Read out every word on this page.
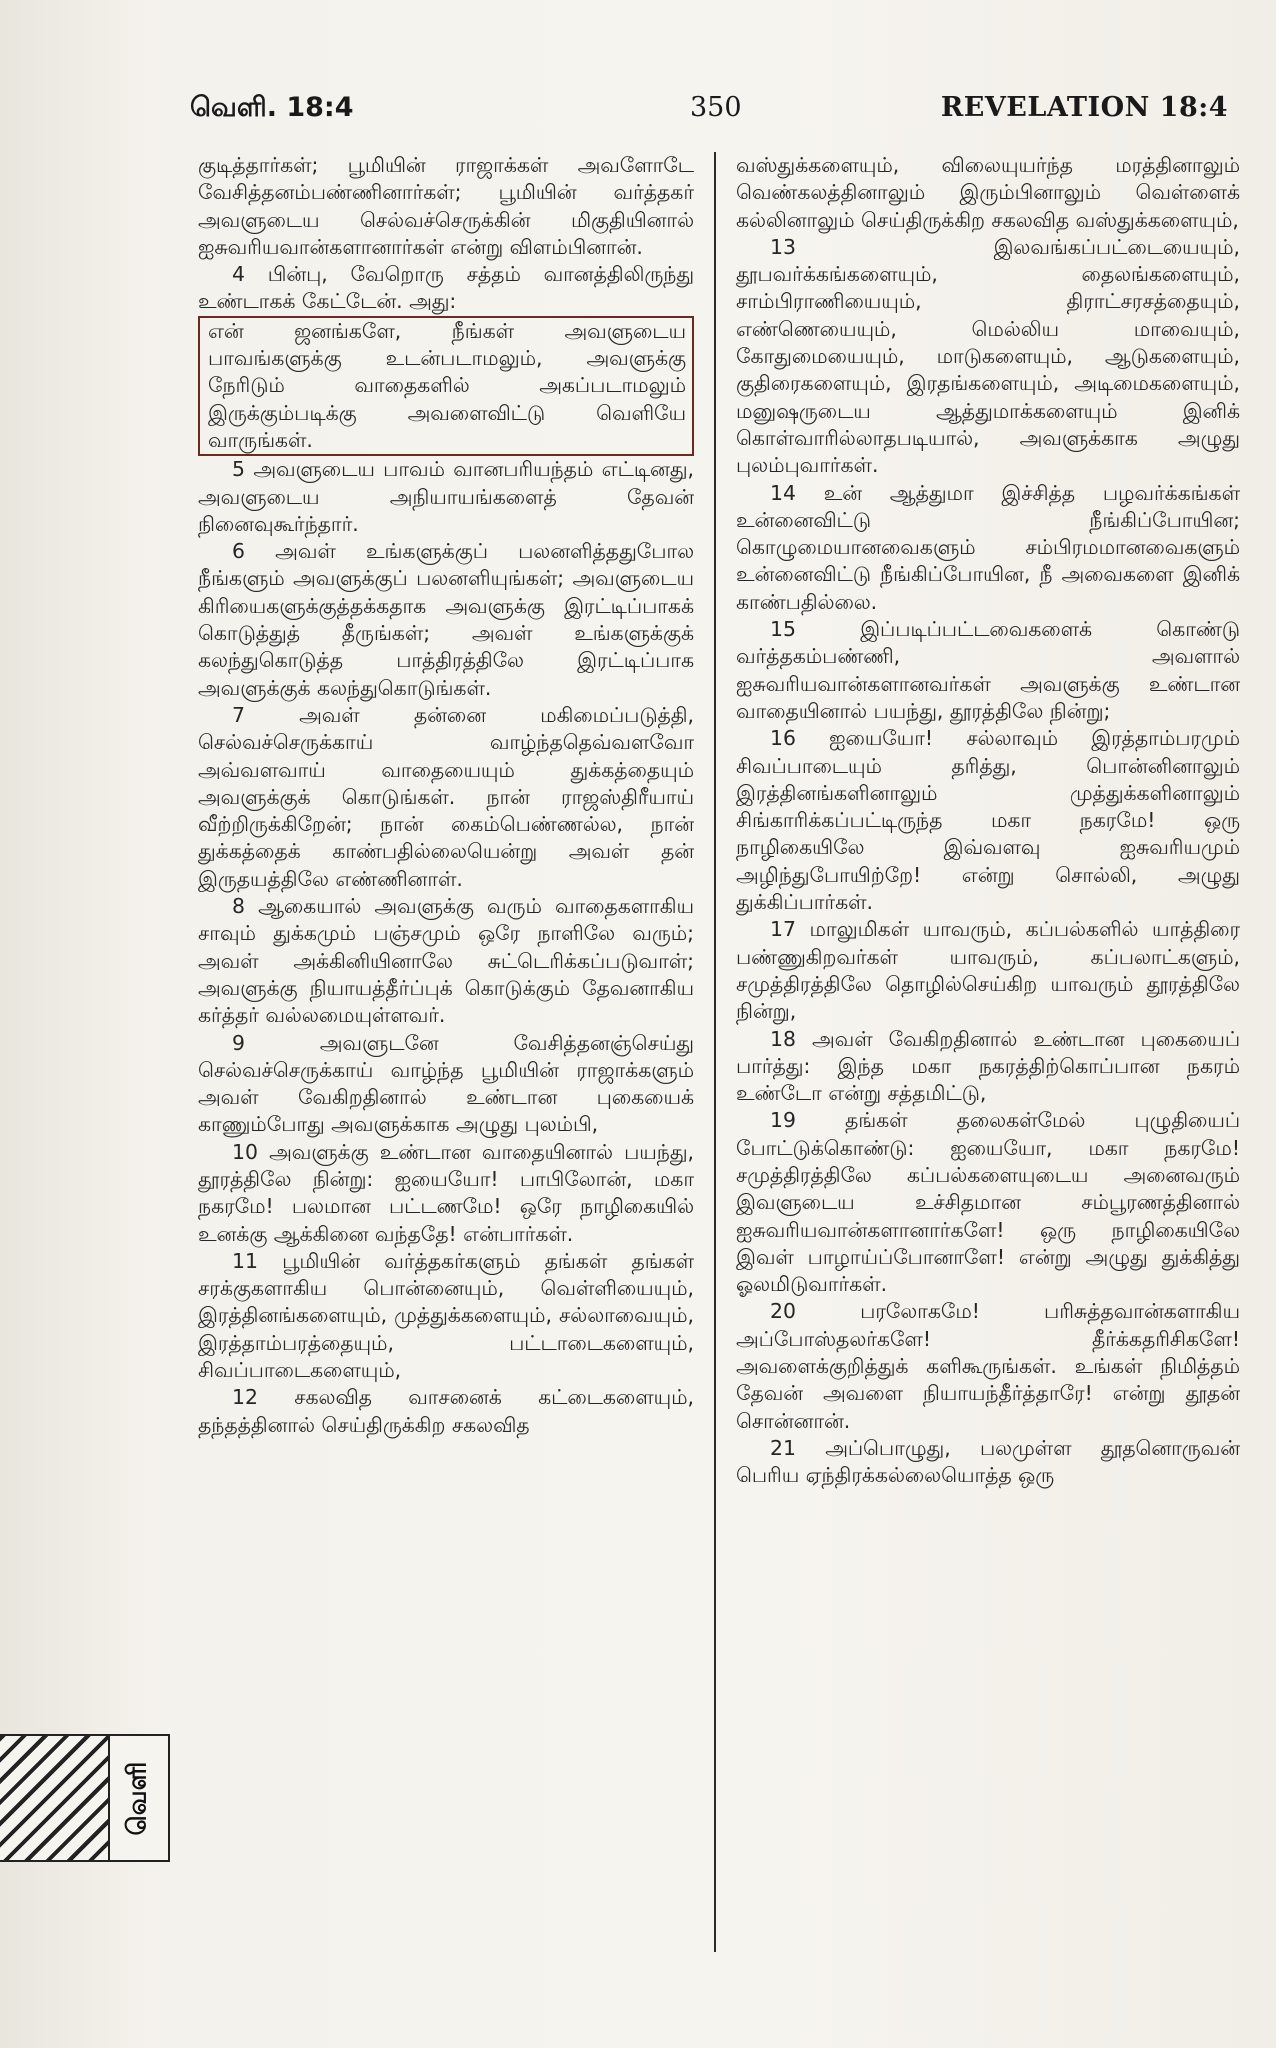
வெளி. 18:4	350	REVELATION 18:4

குடித்தார்கள்; பூமியின் ராஜாக்கள் அவளோடே வேசித்தனம்பண்ணினார்கள்; பூமியின் வர்த்தகர் அவளுடைய செல்வச்செருக்கின் மிகுதியினால் ஐசுவரியவான்களானார்கள் என்று விளம்பினான்.

4 பின்பு, வேறொரு சத்தம் வானத்திலிருந்து உண்டாகக் கேட்டேன். அது:

என் ஜனங்களே, நீங்கள் அவளுடைய பாவங்களுக்கு உடன்படாமலும், அவளுக்கு நேரிடும் வாதைகளில் அகப்படாமலும் இருக்கும்படிக்கு அவளைவிட்டு வெளியே வாருங்கள்.

5 அவளுடைய பாவம் வானபரியந்தம் எட்டினது, அவளுடைய அநியாயங்களைத் தேவன் நினைவுகூர்ந்தார்.

6 அவள் உங்களுக்குப் பலனளித்ததுபோல நீங்களும் அவளுக்குப் பலனளியுங்கள்; அவளுடைய கிரியைகளுக்குத்தக்கதாக அவளுக்கு இரட்டிப்பாகக் கொடுத்துத் தீருங்கள்; அவள் உங்களுக்குக் கலந்துகொடுத்த பாத்திரத்திலே இரட்டிப்பாக அவளுக்குக் கலந்துகொடுங்கள்.

7 அவள் தன்னை மகிமைப்படுத்தி, செல்வச்செருக்காய் வாழ்ந்ததெவ்வளவோ அவ்வளவாய் வாதையையும் துக்கத்தையும் அவளுக்குக் கொடுங்கள். நான் ராஜஸ்திரீயாய் வீற்றிருக்கிறேன்; நான் கைம்பெண்ணல்ல, நான் துக்கத்தைக் காண்பதில்லையென்று அவள் தன் இருதயத்திலே எண்ணினாள்.

8 ஆகையால் அவளுக்கு வரும் வாதைகளாகிய சாவும் துக்கமும் பஞ்சமும் ஒரே நாளிலே வரும்; அவள் அக்கினியினாலே சுட்டெரிக்கப்படுவாள்; அவளுக்கு நியாயத்தீர்ப்புக் கொடுக்கும் தேவனாகிய கர்த்தர் வல்லமையுள்ளவர்.

9 அவளுடனே வேசித்தனஞ்செய்து செல்வச்செருக்காய் வாழ்ந்த பூமியின் ராஜாக்களும் அவள் வேகிறதினால் உண்டான புகையைக் காணும்போது அவளுக்காக அழுது புலம்பி,

10 அவளுக்கு உண்டான வாதையினால் பயந்து, தூரத்திலே நின்று: ஐயையோ! பாபிலோன், மகா நகரமே! பலமான பட்டணமே! ஒரே நாழிகையில் உனக்கு ஆக்கினை வந்ததே! என்பார்கள்.

11 பூமியின் வர்த்தகர்களும் தங்கள் தங்கள் சரக்குகளாகிய பொன்னையும், வெள்ளியையும், இரத்தினங்களையும், முத்துக்களையும், சல்லாவையும், இரத்தாம்பரத்தையும், பட்டாடைகளையும், சிவப்பாடைகளையும்,

12 சகலவித வாசனைக் கட்டைகளையும், தந்தத்தினால் செய்திருக்கிற சகலவித

வஸ்துக்களையும், விலையுயர்ந்த மரத்தினாலும் வெண்கலத்தினாலும் இரும்பினாலும் வெள்ளைக் கல்லினாலும் செய்திருக்கிற சகலவித வஸ்துக்களையும்,

13 இலவங்கப்பட்டையையும், தூபவர்க்கங்களையும், தைலங்களையும், சாம்பிராணியையும், திராட்சரசத்தையும், எண்ணெயையும், மெல்லிய மாவையும், கோதுமையையும், மாடுகளையும், ஆடுகளையும், குதிரைகளையும், இரதங்களையும், அடிமைகளையும், மனுஷருடைய ஆத்துமாக்களையும் இனிக் கொள்வாரில்லாதபடியால், அவளுக்காக அழுது புலம்புவார்கள்.

14 உன் ஆத்துமா இச்சித்த பழவர்க்கங்கள் உன்னைவிட்டு நீங்கிப்போயின; கொழுமையானவைகளும் சம்பிரமமானவைகளும் உன்னைவிட்டு நீங்கிப்போயின, நீ அவைகளை இனிக் காண்பதில்லை.

15 இப்படிப்பட்டவைகளைக் கொண்டு வர்த்தகம்பண்ணி, அவளால் ஐசுவரியவான்களானவர்கள் அவளுக்கு உண்டான வாதையினால் பயந்து, தூரத்திலே நின்று;

16 ஐயையோ! சல்லாவும் இரத்தாம்பரமும் சிவப்பாடையும் தரித்து, பொன்னினாலும் இரத்தினங்களினாலும் முத்துக்களினாலும் சிங்காரிக்கப்பட்டிருந்த மகா நகரமே! ஒரு நாழிகையிலே இவ்வளவு ஐசுவரியமும் அழிந்துபோயிற்றே! என்று சொல்லி, அழுது துக்கிப்பார்கள்.

17 மாலுமிகள் யாவரும், கப்பல்களில் யாத்திரை பண்ணுகிறவர்கள் யாவரும், கப்பலாட்களும், சமுத்திரத்திலே தொழில்செய்கிற யாவரும் தூரத்திலே நின்று,

18 அவள் வேகிறதினால் உண்டான புகையைப் பார்த்து: இந்த மகா நகரத்திற்கொப்பான நகரம் உண்டோ என்று சத்தமிட்டு,

19 தங்கள் தலைகள்மேல் புழுதியைப் போட்டுக்கொண்டு: ஐயையோ, மகா நகரமே! சமுத்திரத்திலே கப்பல்களையுடைய அனைவரும் இவளுடைய உச்சிதமான சம்பூரணத்தினால் ஐசுவரியவான்களானார்களே! ஒரு நாழிகையிலே இவள் பாழாய்ப்போனாளே! என்று அழுது துக்கித்து ஓலமிடுவார்கள்.

20 பரலோகமே! பரிசுத்தவான்களாகிய அப்போஸ்தலர்களே! தீர்க்கதரிசிகளே! அவளைக்குறித்துக் களிகூருங்கள். உங்கள் நிமித்தம் தேவன் அவளை நியாயந்தீர்த்தாரே! என்று தூதன் சொன்னான்.

21 அப்பொழுது, பலமுள்ள தூதனொருவன் பெரிய ஏந்திரக்கல்லையொத்த ஒரு

வெளி
